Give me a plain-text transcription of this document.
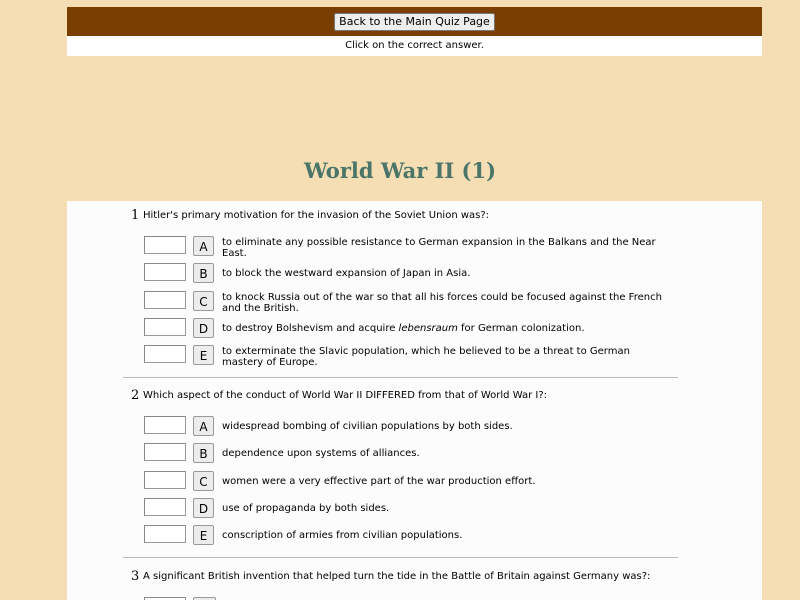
Back to the Main Quiz Page
Click on the correct answer.
World War II (1)
1 Hitler's primary motivation for the invasion of the Soviet Union was?:
A	to eliminate any possible resistance to German expansion in the Balkans and the Near East.
B	to block the westward expansion of Japan in Asia.
C	to knock Russia out of the war so that all his forces could be focused against the French and the British.
D	to destroy Bolshevism and acquire lebensraum for German colonization.
E	to exterminate the Slavic population, which he believed to be a threat to German mastery of Europe.
2 Which aspect of the conduct of World War II DIFFERED from that of World War I?:
A	widespread bombing of civilian populations by both sides.
B	dependence upon systems of alliances.
C	women were a very effective part of the war production effort.
D	use of propaganda by both sides.
E	conscription of armies from civilian populations.
3 A significant British invention that helped turn the tide in the Battle of Britain against Germany was?:
